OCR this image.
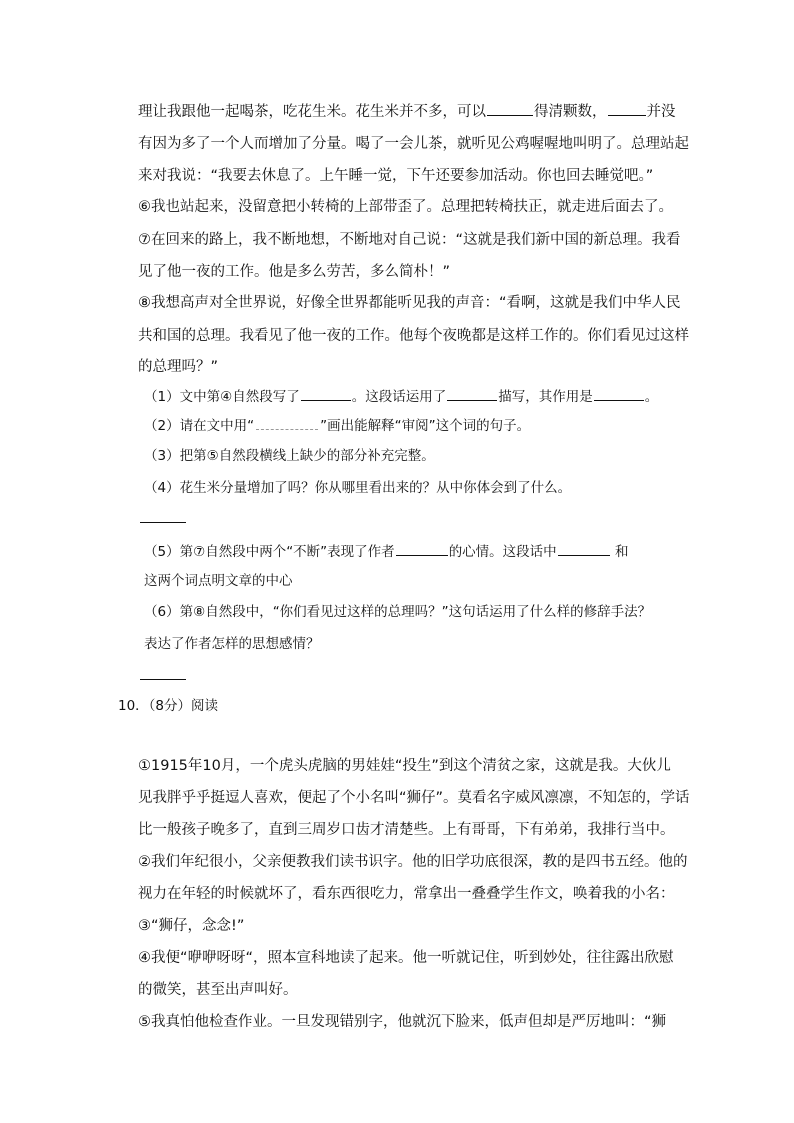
理让我跟他一起喝茶，吃花生米。花生米并不多，可以	得清颗数，	并没

有因为多了一个人而增加了分量。喝了一会儿茶，就听见公鸡喔喔地叫明了。总理站起

来对我说：“我要去休息了。上午睡一觉，下午还要参加活动。你也回去睡觉吧。”

⑥我也站起来，没留意把小转椅的上部带歪了。总理把转椅扶正，就走进后面去了。

⑦在回来的路上，我不断地想，不断地对自己说：“这就是我们新中国的新总理。我看

见了他一夜的工作。他是多么劳苦，多么简朴！”

⑧我想高声对全世界说，好像全世界都能听见我的声音：“看啊，这就是我们中华人民

共和国的总理。我看见了他一夜的工作。他每个夜晚都是这样工作的。你们看见过这样

的总理吗？”

（1）文中第④自然段写了	。这段话运用了	描写，其作用是	。

（2）请在文中用“	”画出能解释“审阅”这个词的句子。

（3）把第⑤自然段横线上缺少的部分补充完整。

（4）花生米分量增加了吗？你从哪里看出来的？从中你体会到了什么。

（5）第⑦自然段中两个“不断”表现了作者	的心情。这段话中	和

这两个词点明文章的中心

（6）第⑧自然段中，“你们看见过这样的总理吗？”这句话运用了什么样的修辞手法？

表达了作者怎样的思想感情？

10．（8分）阅读

①1915年10月，一个虎头虎脑的男娃娃“投生”到这个清贫之家，这就是我。大伙儿

见我胖乎乎挺逗人喜欢，便起了个小名叫“狮仔”。莫看名字威风凛凛，不知怎的，学话

比一般孩子晚多了，直到三周岁口齿才清楚些。上有哥哥，下有弟弟，我排行当中。

②我们年纪很小，父亲便教我们读书识字。他的旧学功底很深，教的是四书五经。他的

视力在年轻的时候就坏了，看东西很吃力，常拿出一叠叠学生作文，唤着我的小名：

③“狮仔，念念!”

④我便“咿咿呀呀“，照本宣科地读了起来。他一听就记住，听到妙处，往往露出欣慰

的微笑，甚至出声叫好。

⑤我真怕他检查作业。一旦发现错别字，他就沉下脸来，低声但却是严厉地叫：“狮
